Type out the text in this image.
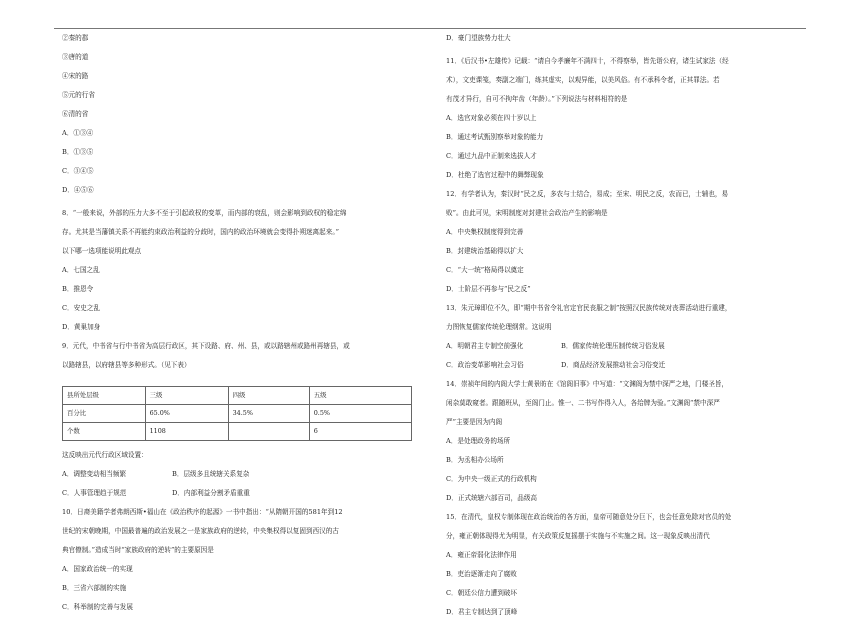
②秦的郡
③唐的道
④宋的路
⑤元的行省
⑥清的省
A．①③④
B．①③⑤
C．③④⑤
D．④⑤⑥
8．“一般来说，外部的压力大多不至于引起政权的变革，而内部的衰乱，则会影响到政权的稳定绵
存。尤其是当藩镇关系不再能约束政治利益的分歧时，国内的政治环境就会变得扑朔迷离起来。”
以下哪一选项能说明此观点
A．七国之乱
B．推恩令
C．安史之乱
D．黄巢加身
9．元代，中书省与行中书省为高层行政区，其下设路、府、州、县，或以路辖州或路州再辖县，或
以路辖县，以府辖县等多种形式。（见下表）
县所处层级	三级	四级	五级
百分比	65.0%	34.5%	0.5%
个数	1108		6
这反映出元代行政区域设置：
A．调整变动相当频繁	B．层级多且统辖关系复杂
C．人事管理趋于规范	D．内部利益分割矛盾重重
10．日裔美籍学者弗朗西斯•福山在《政治秩序的起源》一书中指出：“从隋朝开国的581年到12
世纪的宋朝晚期，中国最普遍的政治发展之一是家族政府的逆转，中央集权得以复固到西汉的古
典官僚制。”造成当时“家族政府的逆转”的主要原因是
A．国家政治统一的实现
B．三省六部制的实施
C．科举制的完善与发展
D．豪门望族势力壮大
11．《后汉书•左雄传》记载：“请自今孝廉年不满四十，不得察举，皆先诣公府，诸生试家法（经
术），文吏课笺，奏副之端门，练其虚实，以观异能，以美风俗。有不承科令者，正其罪法。若
有茂才异行，自可不拘年齿（年龄）。”下列说法与材料相符的是
A．选官对象必须在四十岁以上
B．通过考试甄别察举对象的能力
C．通过九品中正制来选拔人才
D．杜绝了选官过程中的舞弊现象
12．有学者认为，秦汉时“民之反，多农与士结合，易成；至宋、明民之反，农而已，士辅也，易
败”。由此可见，宋明制度对封建社会政治产生的影响是
A．中央集权制度得到完善
B．封建统治基础得以扩大
C．“大一统”格局得以奠定
D．士阶层不再参与“民之反”
13．朱元璋即位不久，即“期中书省令礼官定官民丧服之制”按照汉民族传统对丧葬活动进行重建，
力图恢复儒家传统伦理纲常。这说明
A．明朝君主专制空前强化	B．儒家传统伦理压制传统习俗发展
C．政治变革影响社会习俗	D．商品经济发展推动社会习俗变迁
14．崇祯年间的内阁大学士黄景昉在《馆阁旧事》中写道：“文渊阁为禁中深严之地，门楼圣旨，
闲杂莫敢窥者。跟随班从，至阁门止。惟一、二书写作得入人，各给牌为验。”文渊阁“禁中深严
严”主要是因为内阁
A．是处理政务的场所
B．为丞相办公场所
C．为中央一级正式的行政机构
D．正式统辖六部百司，品级高
15．在清代，皇权专制体现在政治统治的各方面，皇帝可随意处分巨下，也会任意免除对官员的处
分，雍正朝体现得尤为明显，有关政策反复摇摆于实施与不实施之间。这一现象反映出清代
A．雍正帝弱化法律作用
B．吏治逐渐走向了腐败
C．朝廷公信力遭到破坏
D．君主专制达到了顶峰
